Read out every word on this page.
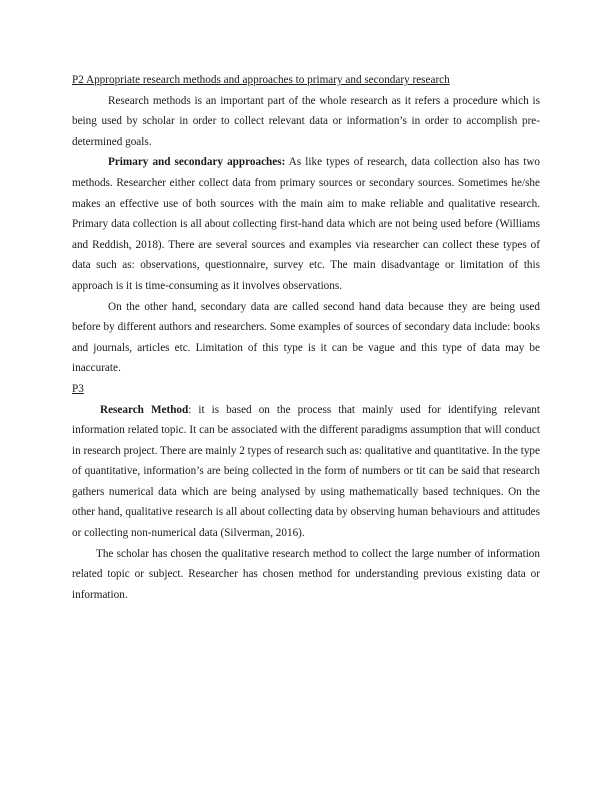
P2 Appropriate research methods and approaches to primary and secondary research

Research methods is an important part of the whole research as it refers a procedure which is being used by scholar in order to collect relevant data or information’s in order to accomplish pre-determined goals.

Primary and secondary approaches: As like types of research, data collection also has two methods. Researcher either collect data from primary sources or secondary sources. Sometimes he/she makes an effective use of both sources with the main aim to make reliable and qualitative research. Primary data collection is all about collecting first-hand data which are not being used before (Williams and Reddish, 2018). There are several sources and examples via researcher can collect these types of data such as: observations, questionnaire, survey etc. The main disadvantage or limitation of this approach is it is time-consuming as it involves observations.

On the other hand, secondary data are called second hand data because they are being used before by different authors and researchers. Some examples of sources of secondary data include: books and journals, articles etc. Limitation of this type is it can be vague and this type of data may be inaccurate.

P3

Research Method: it is based on the process that mainly used for identifying relevant information related topic. It can be associated with the different paradigms assumption that will conduct in research project. There are mainly 2 types of research such as: qualitative and quantitative. In the type of quantitative, information’s are being collected in the form of numbers or tit can be said that research gathers numerical data which are being analysed by using mathematically based techniques. On the other hand, qualitative research is all about collecting data by observing human behaviours and attitudes or collecting non-numerical data (Silverman, 2016).

The scholar has chosen the qualitative research method to collect the large number of information related topic or subject. Researcher has chosen method for understanding previous existing data or information.
